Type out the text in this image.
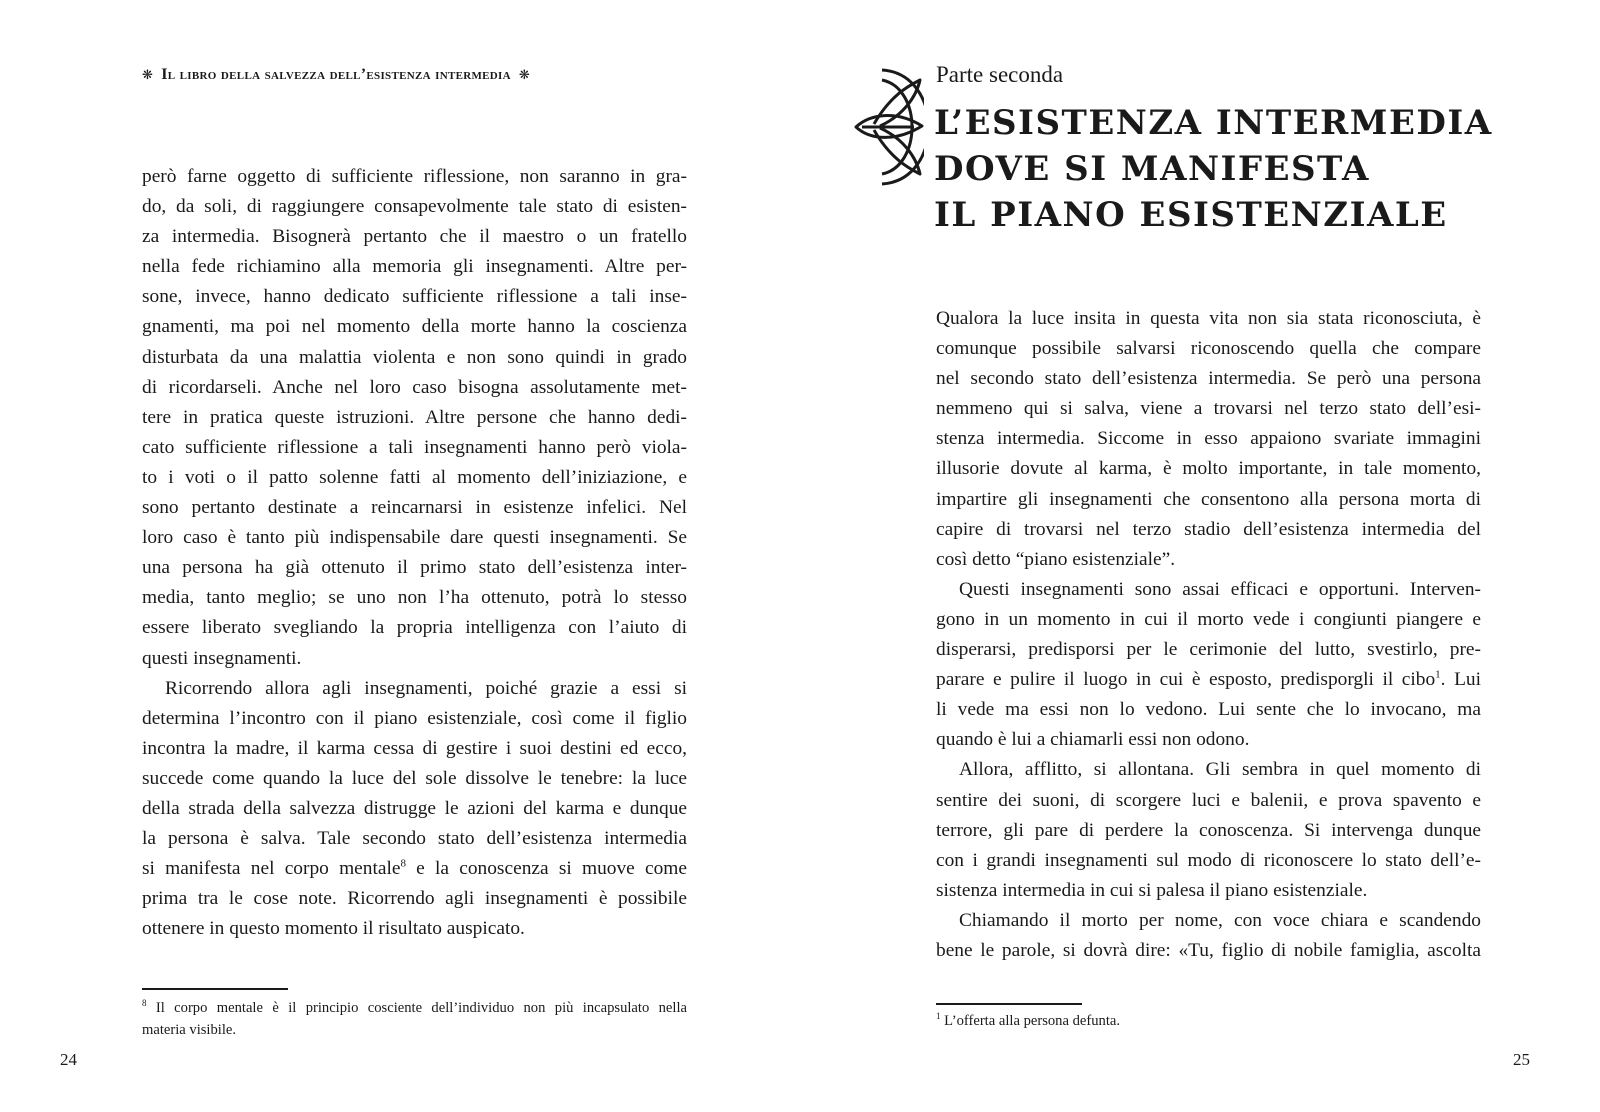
❋ Il libro della salvezza dell’esistenza intermedia ❋
però farne oggetto di sufficiente riflessione, non saranno in gra-
do, da soli, di raggiungere consapevolmente tale stato di esisten-
za intermedia. Bisognerà pertanto che il maestro o un fratello
nella fede richiamino alla memoria gli insegnamenti. Altre per-
sone, invece, hanno dedicato sufficiente riflessione a tali inse-
gnamenti, ma poi nel momento della morte hanno la coscienza
disturbata da una malattia violenta e non sono quindi in grado
di ricordarseli. Anche nel loro caso bisogna assolutamente met-
tere in pratica queste istruzioni. Altre persone che hanno dedi-
cato sufficiente riflessione a tali insegnamenti hanno però viola-
to i voti o il patto solenne fatti al momento dell’iniziazione, e
sono pertanto destinate a reincarnarsi in esistenze infelici. Nel
loro caso è tanto più indispensabile dare questi insegnamenti. Se
una persona ha già ottenuto il primo stato dell’esistenza inter-
media, tanto meglio; se uno non l’ha ottenuto, potrà lo stesso
essere liberato svegliando la propria intelligenza con l’aiuto di
questi insegnamenti.
Ricorrendo allora agli insegnamenti, poiché grazie a essi si
determina l’incontro con il piano esistenziale, così come il figlio
incontra la madre, il karma cessa di gestire i suoi destini ed ecco,
succede come quando la luce del sole dissolve le tenebre: la luce
della strada della salvezza distrugge le azioni del karma e dunque
la persona è salva. Tale secondo stato dell’esistenza intermedia
si manifesta nel corpo mentale$^8$ e la conoscenza si muove come
prima tra le cose note. Ricorrendo agli insegnamenti è possibile
ottenere in questo momento il risultato auspicato.
$^8$ Il corpo mentale è il principio cosciente dell’individuo non più incapsulato nella
materia visibile.
24
Parte seconda
L’ESISTENZA INTERMEDIA
DOVE SI MANIFESTA
IL PIANO ESISTENZIALE
Qualora la luce insita in questa vita non sia stata riconosciuta, è
comunque possibile salvarsi riconoscendo quella che compare
nel secondo stato dell’esistenza intermedia. Se però una persona
nemmeno qui si salva, viene a trovarsi nel terzo stato dell’esi-
stenza intermedia. Siccome in esso appaiono svariate immagini
illusorie dovute al karma, è molto importante, in tale momento,
impartire gli insegnamenti che consentono alla persona morta di
capire di trovarsi nel terzo stadio dell’esistenza intermedia del
così detto “piano esistenziale”.
Questi insegnamenti sono assai efficaci e opportuni. Interven-
gono in un momento in cui il morto vede i congiunti piangere e
disperarsi, predisporsi per le cerimonie del lutto, svestirlo, pre-
parare e pulire il luogo in cui è esposto, predisporgli il cibo$^1$. Lui
li vede ma essi non lo vedono. Lui sente che lo invocano, ma
quando è lui a chiamarli essi non odono.
Allora, afflitto, si allontana. Gli sembra in quel momento di
sentire dei suoni, di scorgere luci e balenii, e prova spavento e
terrore, gli pare di perdere la conoscenza. Si intervenga dunque
con i grandi insegnamenti sul modo di riconoscere lo stato dell’e-
sistenza intermedia in cui si palesa il piano esistenziale.
Chiamando il morto per nome, con voce chiara e scandendo
bene le parole, si dovrà dire: «Tu, figlio di nobile famiglia, ascolta
$^1$ L’offerta alla persona defunta.
25
